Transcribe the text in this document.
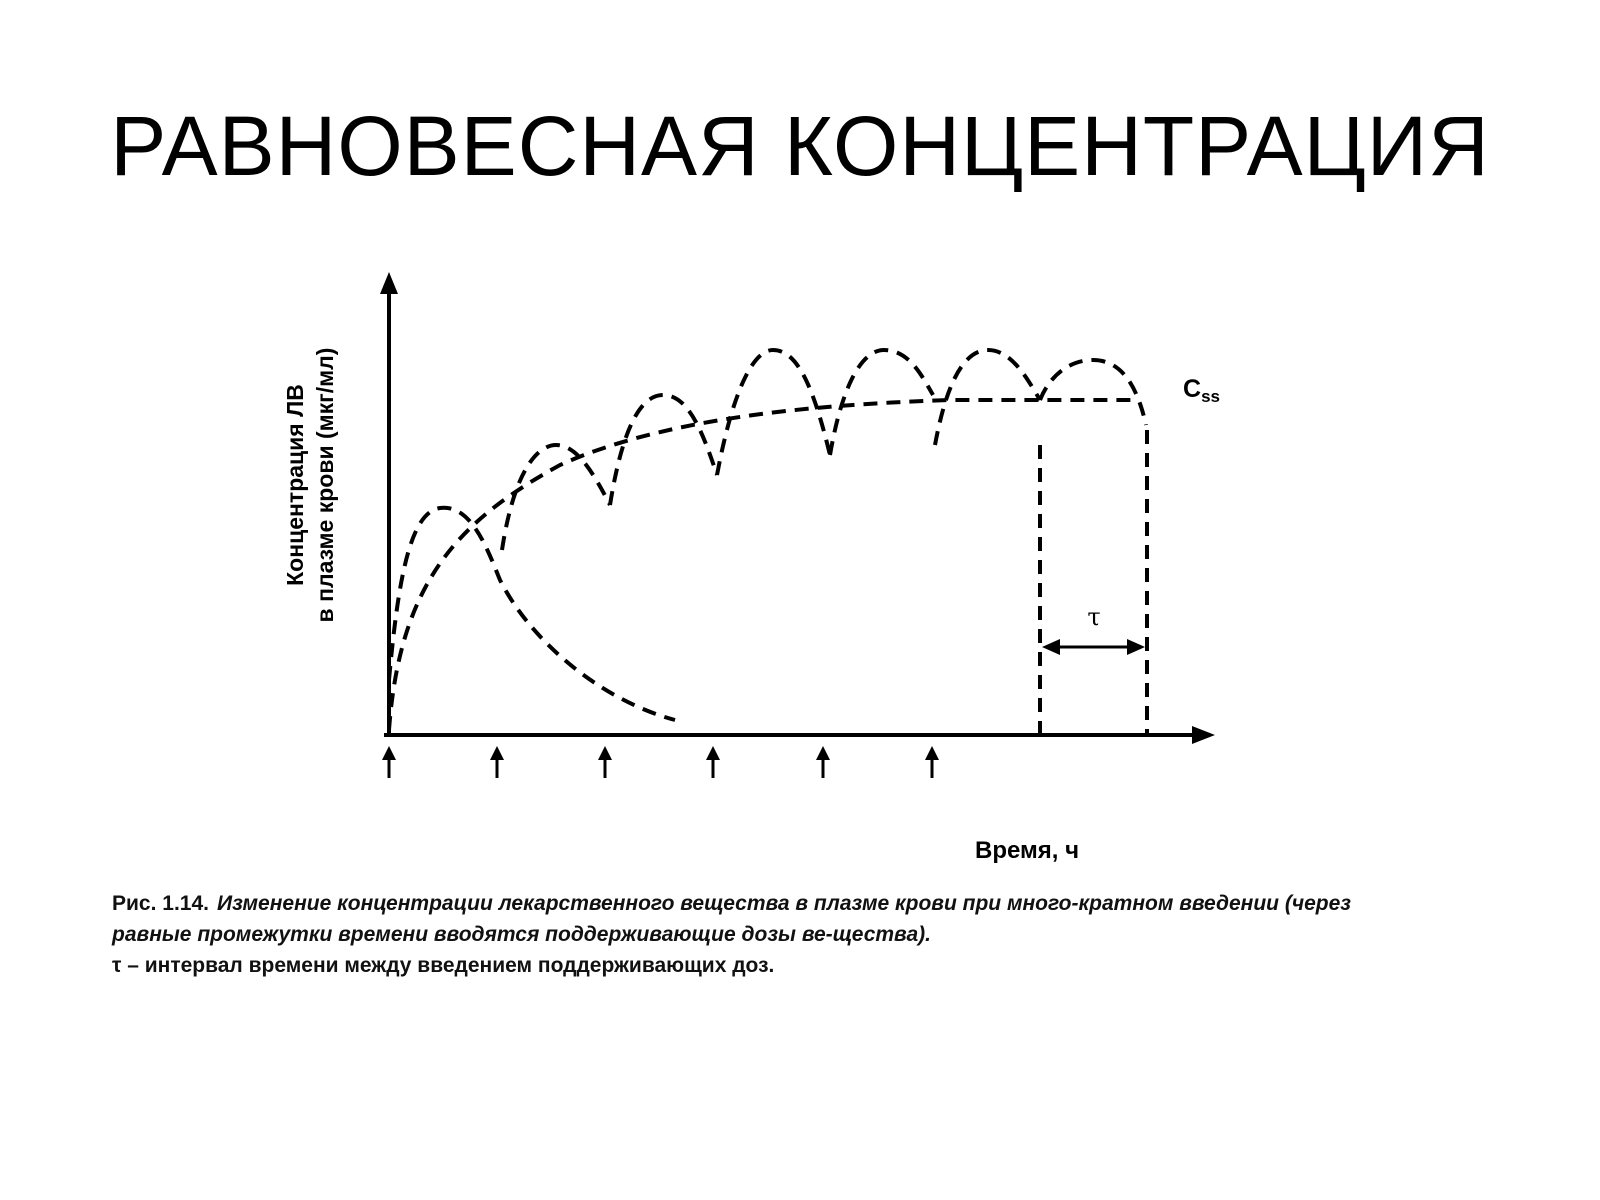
РАВНОВЕСНАЯ КОНЦЕНТРАЦИЯ
Концентрация ЛВ в плазме крови (мкг/мл)	τ
$C_{ss}$
Время, ч
Рис. 1.14. Изменение концентрации лекарственного вещества в плазме крови при много-кратном введении (через равные промежутки времени вводятся поддерживающие дозы ве-щества).
τ – интервал времени между введением поддерживающих доз.
